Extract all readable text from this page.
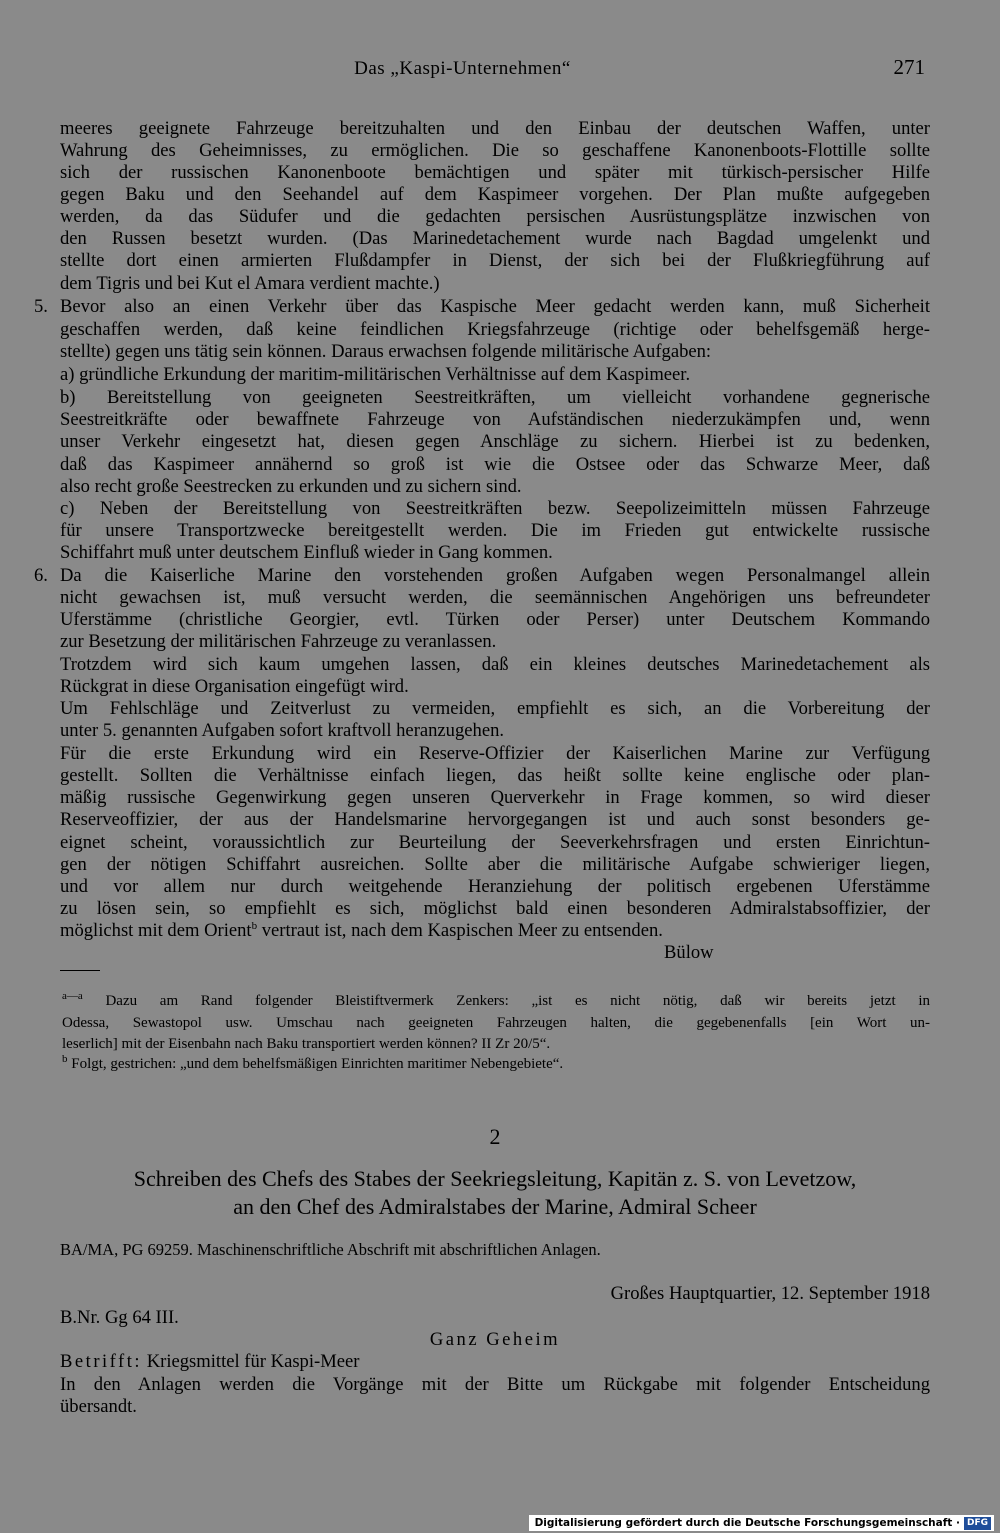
Das „Kaspi-Unternehmen“	271
meeres geeignete Fahrzeuge bereitzuhalten und den Einbau der deutschen Waffen, unter
Wahrung des Geheimnisses, zu ermöglichen. Die so geschaffene Kanonenboots-Flottille sollte
sich der russischen Kanonenboote bemächtigen und später mit türkisch-persischer Hilfe
gegen Baku und den Seehandel auf dem Kaspimeer vorgehen. Der Plan mußte aufgegeben
werden, da das Südufer und die gedachten persischen Ausrüstungsplätze inzwischen von
den Russen besetzt wurden. (Das Marinedetachement wurde nach Bagdad umgelenkt und
stellte dort einen armierten Flußdampfer in Dienst, der sich bei der Flußkriegführung auf
dem Tigris und bei Kut el Amara verdient machte.)
5. Bevor also an einen Verkehr über das Kaspische Meer gedacht werden kann, muß Sicherheit
geschaffen werden, daß keine feindlichen Kriegsfahrzeuge (richtige oder behelfsgemäß herge-
stellte) gegen uns tätig sein können. Daraus erwachsen folgende militärische Aufgaben:
a) gründliche Erkundung der maritim-militärischen Verhältnisse auf dem Kaspimeer.
b) Bereitstellung von geeigneten Seestreitkräften, um vielleicht vorhandene gegnerische
Seestreitkräfte oder bewaffnete Fahrzeuge von Aufständischen niederzukämpfen und, wenn
unser Verkehr eingesetzt hat, diesen gegen Anschläge zu sichern. Hierbei ist zu bedenken,
daß das Kaspimeer annähernd so groß ist wie die Ostsee oder das Schwarze Meer, daß
also recht große Seestrecken zu erkunden und zu sichern sind.
c) Neben der Bereitstellung von Seestreitkräften bezw. Seepolizeimitteln müssen Fahrzeuge
für unsere Transportzwecke bereitgestellt werden. Die im Frieden gut entwickelte russische
Schiffahrt muß unter deutschem Einfluß wieder in Gang kommen.
6. Da die Kaiserliche Marine den vorstehenden großen Aufgaben wegen Personalmangel allein
nicht gewachsen ist, muß versucht werden, die seemännischen Angehörigen uns befreundeter
Uferstämme (christliche Georgier, evtl. Türken oder Perser) unter Deutschem Kommando
zur Besetzung der militärischen Fahrzeuge zu veranlassen.
Trotzdem wird sich kaum umgehen lassen, daß ein kleines deutsches Marinedetachement als
Rückgrat in diese Organisation eingefügt wird.
Um Fehlschläge und Zeitverlust zu vermeiden, empfiehlt es sich, an die Vorbereitung der
unter 5. genannten Aufgaben sofort kraftvoll heranzugehen.
Für die erste Erkundung wird ein Reserve-Offizier der Kaiserlichen Marine zur Verfügung
gestellt. Sollten die Verhältnisse einfach liegen, das heißt sollte keine englische oder plan-
mäßig russische Gegenwirkung gegen unseren Querverkehr in Frage kommen, so wird dieser
Reserveoffizier, der aus der Handelsmarine hervorgegangen ist und auch sonst besonders ge-
eignet scheint, voraussichtlich zur Beurteilung der Seeverkehrsfragen und ersten Einrichtun-
gen der nötigen Schiffahrt ausreichen. Sollte aber die militärische Aufgabe schwieriger liegen,
und vor allem nur durch weitgehende Heranziehung der politisch ergebenen Uferstämme
zu lösen sein, so empfiehlt es sich, möglichst bald einen besonderen Admiralstabsoffizier, der
möglichst mit dem Orient$^b$ vertraut ist, nach dem Kaspischen Meer zu entsenden.
Bülow
$^{a—a}$ Dazu am Rand folgender Bleistiftvermerk Zenkers: „ist es nicht nötig, daß wir bereits jetzt in
Odessa, Sewastopol usw. Umschau nach geeigneten Fahrzeugen halten, die gegebenenfalls [ein Wort un-
leserlich] mit der Eisenbahn nach Baku transportiert werden können? II Zr 20/5“.
$^b$ Folgt, gestrichen: „und dem behelfsmäßigen Einrichten maritimer Nebengebiete“.
2
Schreiben des Chefs des Stabes der Seekriegsleitung, Kapitän z. S. von Levetzow,
an den Chef des Admiralstabes der Marine, Admiral Scheer
BA/MA, PG 69259. Maschinenschriftliche Abschrift mit abschriftlichen Anlagen.
Großes Hauptquartier, 12. September 1918
B.Nr. Gg 64 III.
Ganz Geheim
Betrifft: Kriegsmittel für Kaspi-Meer
In den Anlagen werden die Vorgänge mit der Bitte um Rückgabe mit folgender Entscheidung
übersandt.
Digitalisierung gefördert durch die Deutsche Forschungsgemeinschaft · DFG
